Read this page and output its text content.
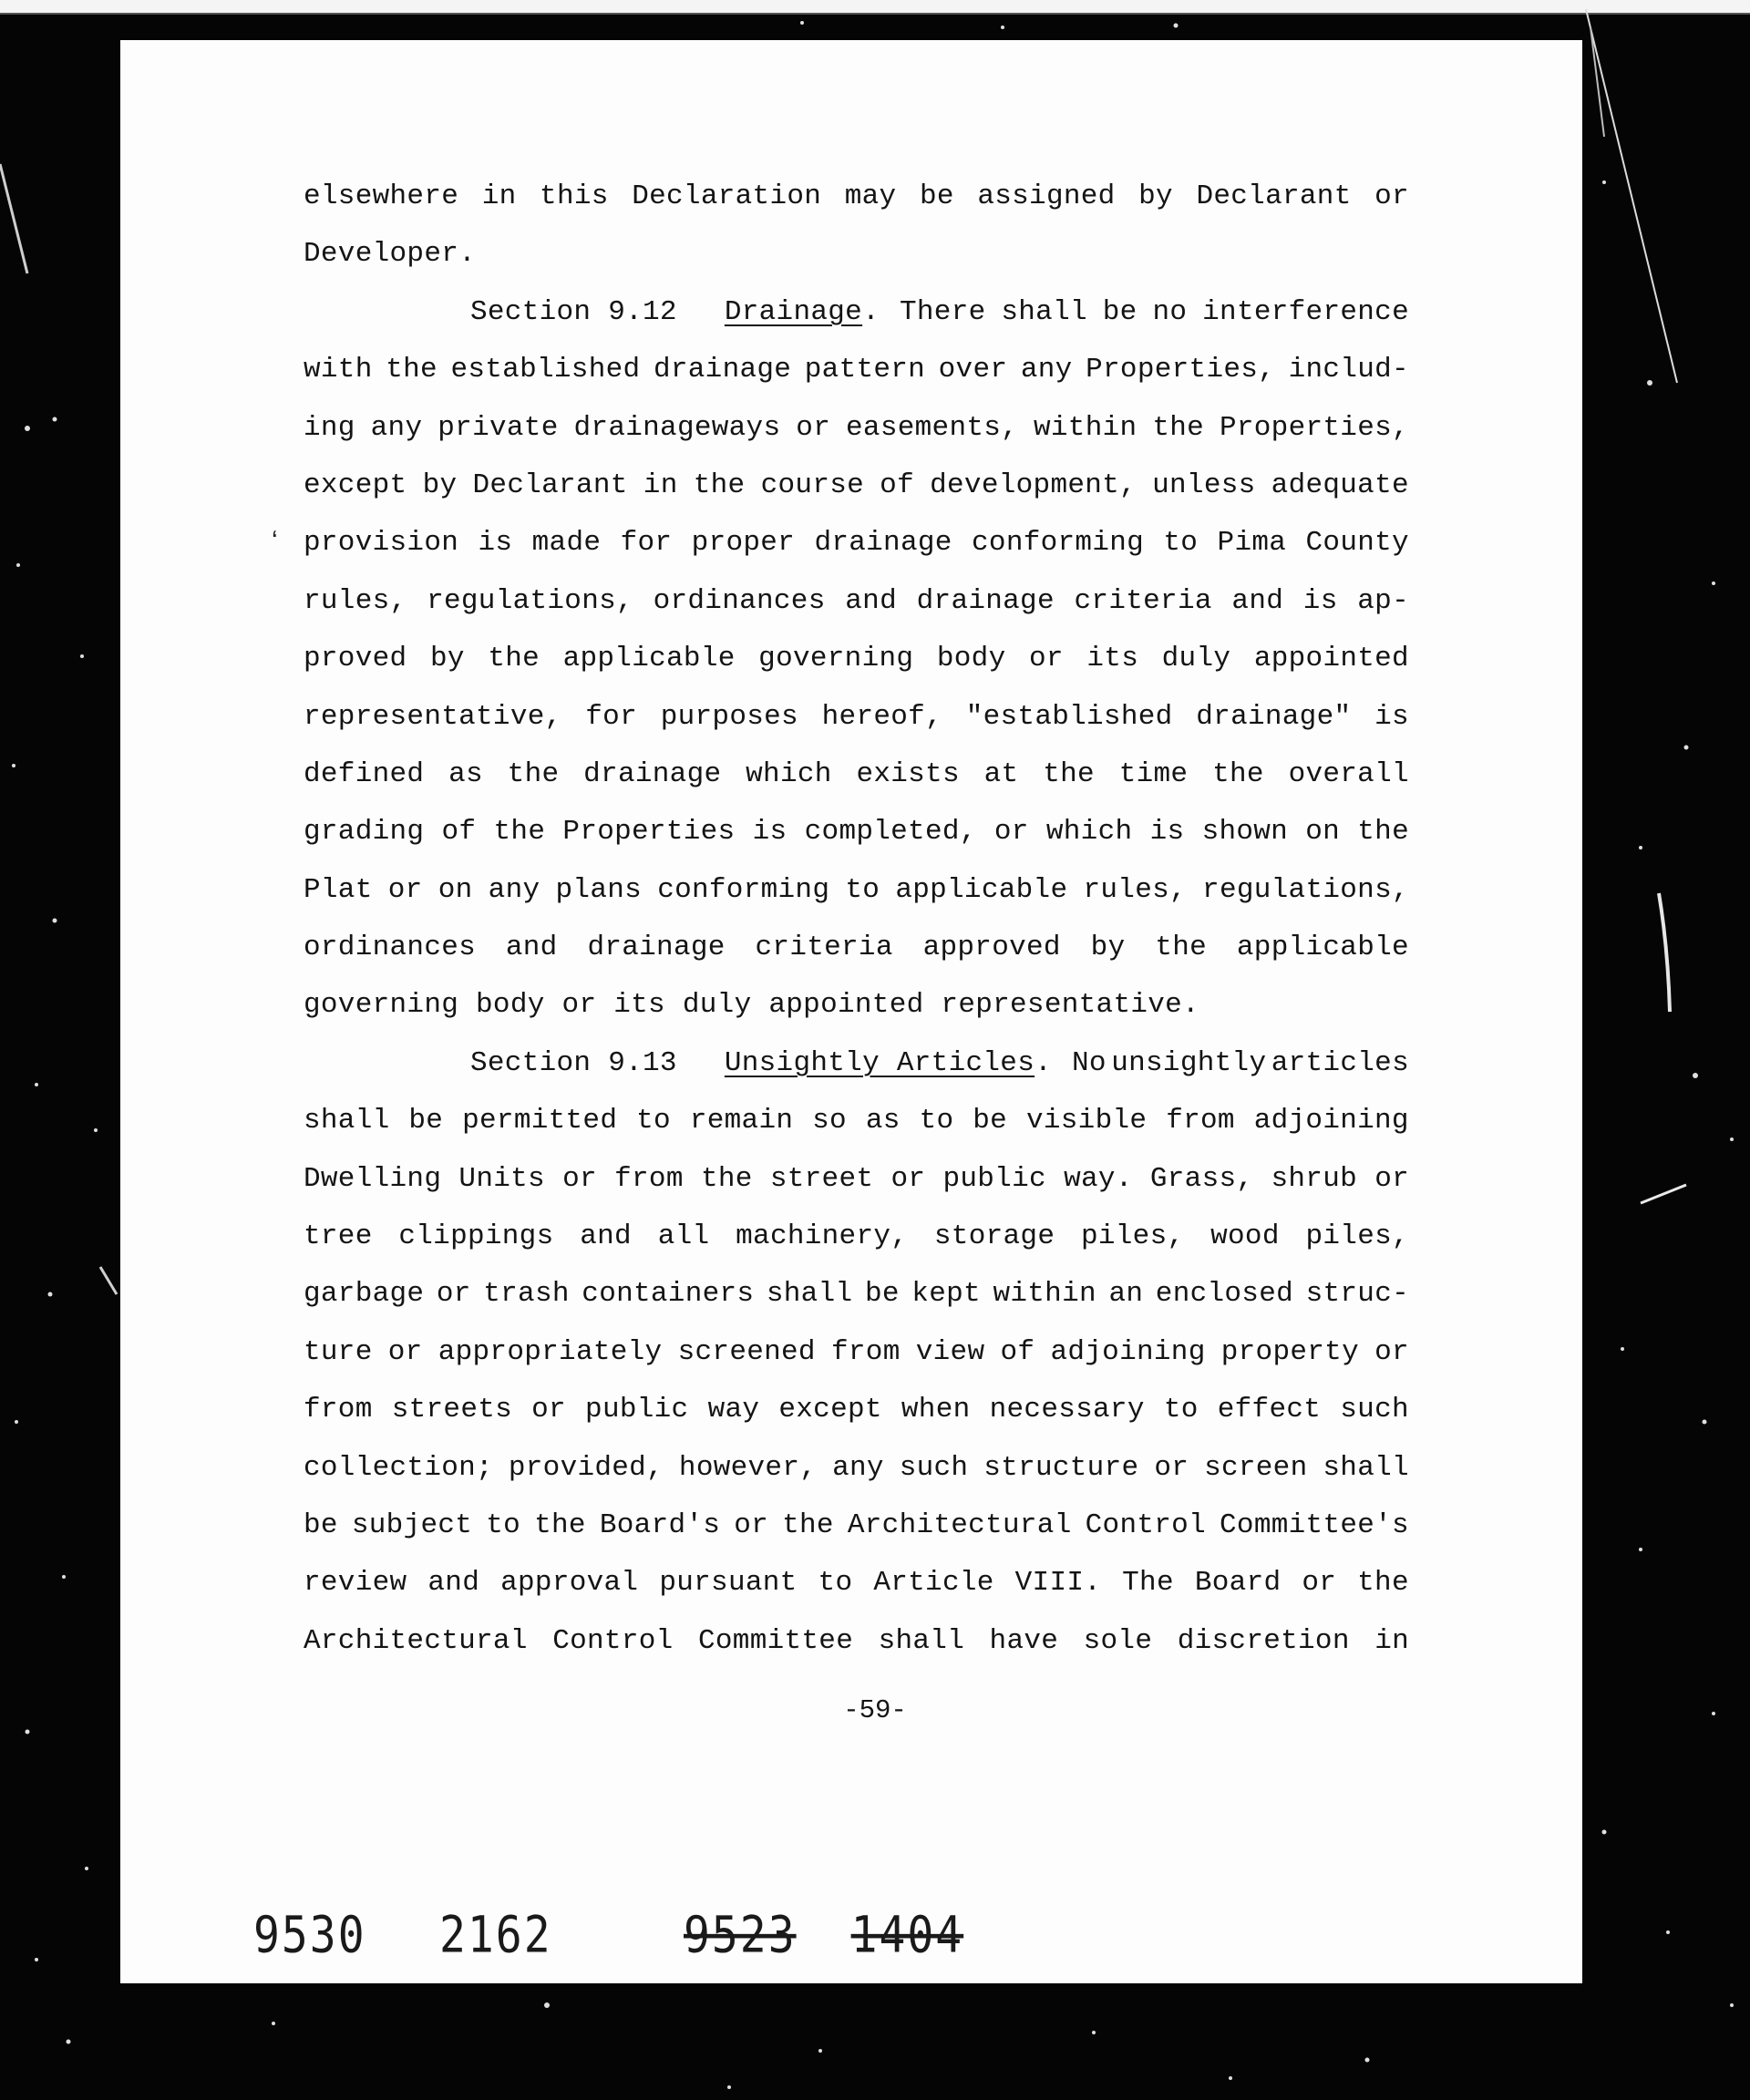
ʻ
elsewhere in this Declaration may be assigned by Declarant or
Developer.
Section 9.12 Drainage. There shall be no interference
with the established drainage pattern over any Properties, includ-
ing any private drainageways or easements, within the Properties,
except by Declarant in the course of development, unless adequate
provision is made for proper drainage conforming to Pima County
rules, regulations, ordinances and drainage criteria and is ap-
proved by the applicable governing body or its duly appointed
representative, for purposes hereof, "established drainage" is
defined as the drainage which exists at the time the overall
grading of the Properties is completed, or which is shown on the
Plat or on any plans conforming to applicable rules, regulations,
ordinances and drainage criteria approved by the applicable
governing body or its duly appointed representative.
Section 9.13 Unsightly Articles. No unsightly articles
shall be permitted to remain so as to be visible from adjoining
Dwelling Units or from the street or public way. Grass, shrub or
tree clippings and all machinery, storage piles, wood piles,
garbage or trash containers shall be kept within an enclosed struc-
ture or appropriately screened from view of adjoining property or
from streets or public way except when necessary to effect such
collection; provided, however, any such structure or screen shall
be subject to the Board's or the Architectural Control Committee's
review and approval pursuant to Article VIII. The Board or the
Architectural Control Committee shall have sole discretion in
-59-
9530 2162	9523 1404
